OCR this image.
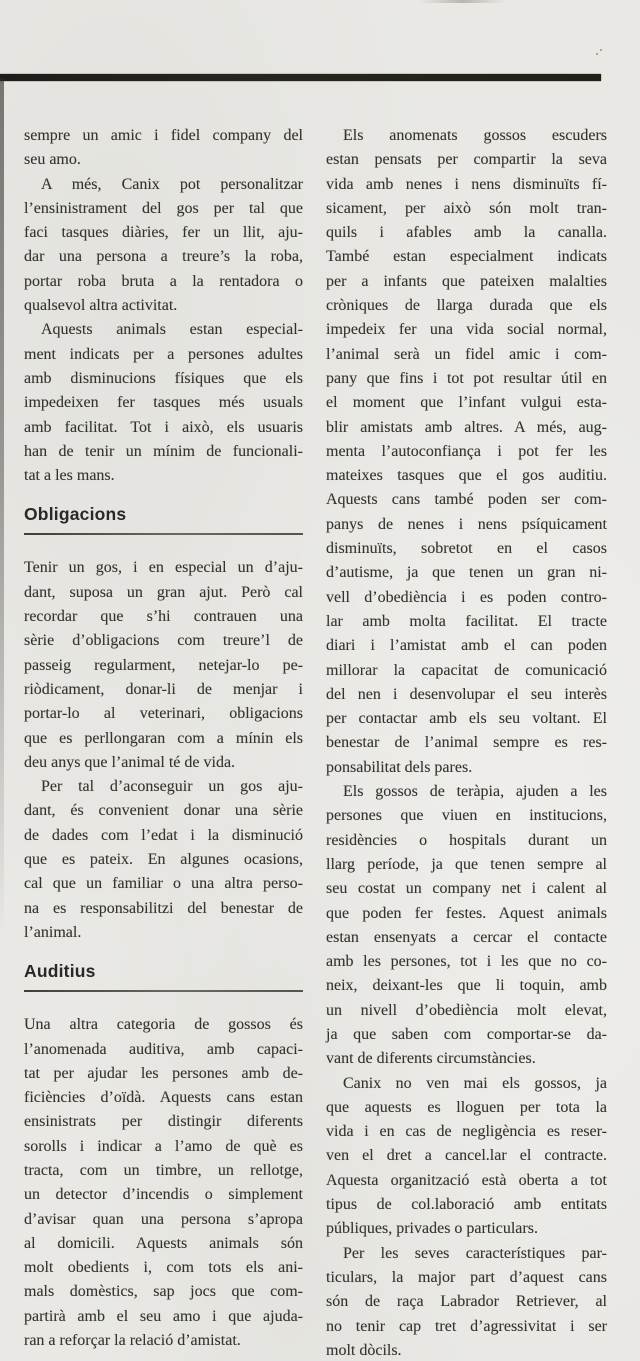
sempre un amic i fidel company del
seu amo.
A més, Canix pot personalitzar
l’ensinistrament del gos per tal que
faci tasques diàries, fer un llit, aju-
dar una persona a treure’s la roba,
portar roba bruta a la rentadora o
qualsevol altra activitat.
Aquests animals estan especial-
ment indicats per a persones adultes
amb disminucions físiques que els
impedeixen fer tasques més usuals
amb facilitat. Tot i això, els usuaris
han de tenir un mínim de funcionali-
tat a les mans.
Obligacions
Tenir un gos, i en especial un d’aju-
dant, suposa un gran ajut. Però cal
recordar que s’hi contrauen una
sèrie d’obligacions com treure’l de
passeig regularment, netejar-lo pe-
riòdicament, donar-li de menjar i
portar-lo al veterinari, obligacions
que es perllongaran com a mínin els
deu anys que l’animal té de vida.
Per tal d’aconseguir un gos aju-
dant, és convenient donar una sèrie
de dades com l’edat i la disminució
que es pateix. En algunes ocasions,
cal que un familiar o una altra perso-
na es responsabilitzi del benestar de
l’animal.
Auditius
Una altra categoria de gossos és
l’anomenada auditiva, amb capaci-
tat per ajudar les persones amb de-
ficiències d’oïdà. Aquests cans estan
ensinistrats per distingir diferents
sorolls i indicar a l’amo de què es
tracta, com un timbre, un rellotge,
un detector d’incendis o simplement
d’avisar quan una persona s’apropa
al domicili. Aquests animals són
molt obedients i, com tots els ani-
mals domèstics, sap jocs que com-
partirà amb el seu amo i que ajuda-
ran a reforçar la relació d’amistat.
Els anomenats gossos escuders
estan pensats per compartir la seva
vida amb nenes i nens disminuïts fí-
sicament, per això són molt tran-
quils i afables amb la canalla.
També estan especialment indicats
per a infants que pateixen malalties
cròniques de llarga durada que els
impedeix fer una vida social normal,
l’animal serà un fidel amic i com-
pany que fins i tot pot resultar útil en
el moment que l’infant vulgui esta-
blir amistats amb altres. A més, aug-
menta l’autoconfiança i pot fer les
mateixes tasques que el gos auditiu.
Aquests cans també poden ser com-
panys de nenes i nens psíquicament
disminuïts, sobretot en el casos
d’autisme, ja que tenen un gran ni-
vell d’obediència i es poden contro-
lar amb molta facilitat. El tracte
diari i l’amistat amb el can poden
millorar la capacitat de comunicació
del nen i desenvolupar el seu interès
per contactar amb els seu voltant. El
benestar de l’animal sempre es res-
ponsabilitat dels pares.
Els gossos de teràpia, ajuden a les
persones que viuen en institucions,
residències o hospitals durant un
llarg període, ja que tenen sempre al
seu costat un company net i calent al
que poden fer festes. Aquest animals
estan ensenyats a cercar el contacte
amb les persones, tot i les que no co-
neix, deixant-les que li toquin, amb
un nivell d’obediència molt elevat,
ja que saben com comportar-se da-
vant de diferents circumstàncies.
Canix no ven mai els gossos, ja
que aquests es lloguen per tota la
vida i en cas de negligència es reser-
ven el dret a cancel.lar el contracte.
Aquesta organització està oberta a tot
tipus de col.laboració amb entitats
públiques, privades o particulars.
Per les seves característiques par-
ticulars, la major part d’aquest cans
són de raça Labrador Retriever, al
no tenir cap tret d’agressivitat i ser
molt dòcils.
